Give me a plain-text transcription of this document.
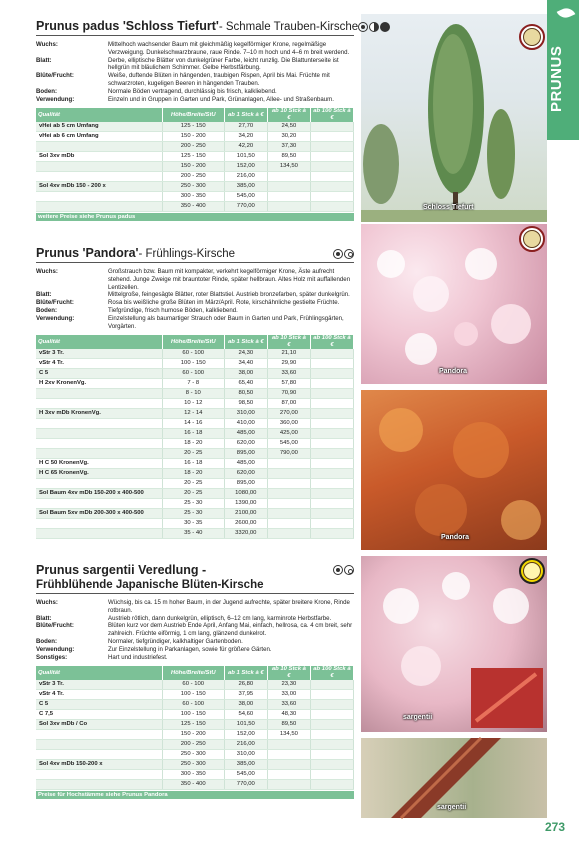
Schloss Tiefurt
Pandora
Pandora
sargentii
sargentii
Prunus padus 'Schloss Tiefurt'- Schmale Trauben-Kirsche
Wuchs:	Mittelhoch wachsender Baum mit gleichmäßig kegelförmiger Krone, regelmäßige Verzweigung. Dunkelschwarzbraune, raue Rinde. 7–10 m hoch und 4–6 m breit werdend.
Blatt:	Derbe, elliptische Blätter von dunkelgrüner Farbe, leicht runzlig. Die Blattunterseite ist hellgrün mit bläulichem Schimmer. Gelbe Herbstfärbung.
Blüte/Frucht:	Weiße, duftende Blüten in hängenden, traubigen Rispen, April bis Mai. Früchte mit schwarzroten, kugeligen Beeren in hängenden Trauben.
Boden:	Normale Böden vertragend, durchlässig bis frisch, kalkliebend.
Verwendung:	Einzeln und in Gruppen in Garten und Park, Grünanlagen, Allee- und Straßenbaum.
Qualität	Höhe/Breite/StU	ab 1 Stck à €	ab 10 Stck à €	ab 100 Stck à €
vHei ab 5 cm Umfang	125 - 150	27,70	24,50	
vHei ab 6 cm Umfang	150 - 200	34,20	30,20	
	200 - 250	42,20	37,30	
Sol 3xv mDb	125 - 150	101,50	89,50	
	150 - 200	152,00	134,50	
	200 - 250	216,00		
Sol 4xv mDb 150 - 200 x	250 - 300	385,00		
	300 - 350	545,00		
	350 - 400	770,00		
weitere Preise siehe Prunus padus
Prunus 'Pandora'- Frühlings-Kirsche
Wuchs:	Großstrauch bzw. Baum mit kompakter, verkehrt kegelförmiger Krone, Äste aufrecht stehend. Junge Zweige mit brauntoter Rinde, später hellbraun. Altes Holz mit auffallenden Lentizellen.
Blatt:	Mittelgroße, feingesägte Blätter, roter Blattstiel. Austrieb bronzefarben, später dunkelgrün.
Blüte/Frucht:	Rosa bis weißliche große Blüten im März/April. Rote, kirschähnliche gestielte Früchte.
Boden:	Tiefgründige, frisch humose Böden, kalkliebend.
Verwendung:	Einzelstellung als baumartiger Strauch oder Baum in Garten und Park, Frühlingsgärten, Vorgärten.
Qualität	Höhe/Breite/StU	ab 1 Stck à €	ab 10 Stck à €	ab 100 Stck à €
vStr 3 Tr.	60 - 100	24,30	21,10	
vStr 4 Tr.	100 - 150	34,40	29,90	
C 5	60 - 100	38,00	33,60	
H 2xv KronenVg.	7 - 8	65,40	57,80	
	8 - 10	80,50	70,90	
	10 - 12	98,50	87,00	
H 3xv mDb KronenVg.	12 - 14	310,00	270,00	
	14 - 16	410,00	360,00	
	16 - 18	485,00	425,00	
	18 - 20	620,00	545,00	
	20 - 25	895,00	790,00	
H C 50 KronenVg.	16 - 18	485,00		
H C 65 KronenVg.	18 - 20	620,00		
	20 - 25	895,00		
Sol Baum 4xv mDb 150-200 x 400-500	20 - 25	1080,00		
	25 - 30	1390,00		
Sol Baum 5xv mDb 200-300 x 400-500	25 - 30	2100,00		
	30 - 35	2600,00		
	35 - 40	3320,00		
Prunus sargentii Veredlung -
Frühblühende Japanische Blüten-Kirsche
Wuchs:	Wüchsig, bis ca. 15 m hoher Baum, in der Jugend aufrechte, später breitere Krone, Rinde rotbraun.
Blatt:	Austrieb rötlich, dann dunkelgrün, elliptisch, 6–12 cm lang, karminrote Herbstfarbe.
Blüte/Frucht:	Blüten kurz vor dem Austrieb Ende April, Anfang Mai, einfach, hellrosa, ca. 4 cm breit, sehr zahlreich. Früchte eiförmig, 1 cm lang, glänzend dunkelrot.
Boden:	Normaler, tiefgründiger, kalkhaltiger Gartenboden.
Verwendung:	Zur Einzelstellung in Parkanlagen, sowie für größere Gärten.
Sonstiges:	Hart und industriefest.
Qualität	Höhe/Breite/StU	ab 1 Stck à €	ab 10 Stck à €	ab 100 Stck à €
vStr 3 Tr.	60 - 100	26,80	23,30	
vStr 4 Tr.	100 - 150	37,95	33,00	
C 5	60 - 100	38,00	33,60	
C 7,5	100 - 150	54,60	48,30	
Sol 3xv mDb / Co	125 - 150	101,50	89,50	
	150 - 200	152,00	134,50	
	200 - 250	216,00		
	250 - 300	310,00		
Sol 4xv mDb 150-200 x	250 - 300	385,00		
	300 - 350	545,00		
	350 - 400	770,00		
Preise für Hochstämme siehe Prunus Pandora
273
